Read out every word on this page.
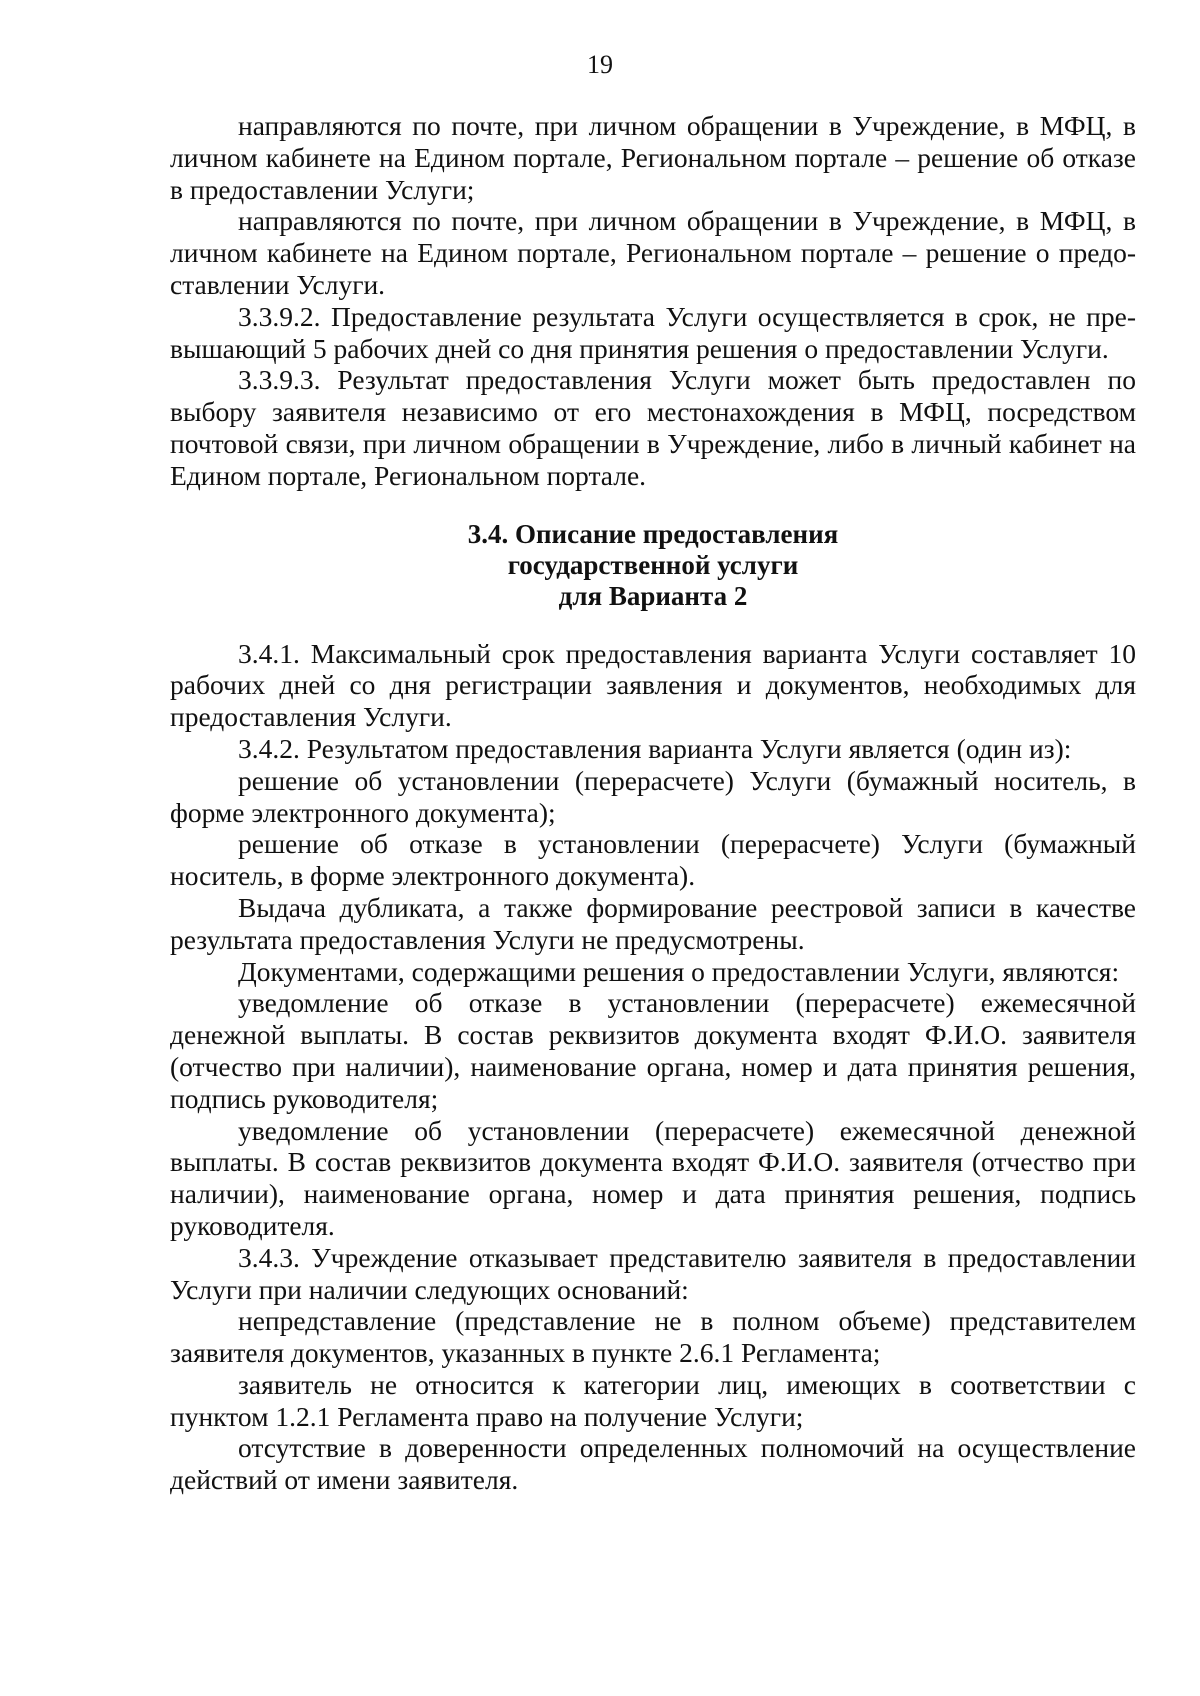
19

направляются по почте, при личном обращении в Учреждение, в МФЦ, в личном кабинете на Едином портале, Региональном портале – решение об отказе в предоставлении Услуги;

направляются по почте, при личном обращении в Учреждение, в МФЦ, в личном кабинете на Едином портале, Региональном портале – решение о предоставлении Услуги.

3.3.9.2. Предоставление результата Услуги осуществляется в срок, не превышающий 5 рабочих дней со дня принятия решения о предоставлении Услуги.

3.3.9.3. Результат предоставления Услуги может быть предоставлен по выбору заявителя независимо от его местонахождения в МФЦ, посредством почтовой связи, при личном обращении в Учреждение, либо в личный кабинет на Едином портале, Региональном портале.

3.4. Описание предоставления
государственной услуги
для Варианта 2

3.4.1. Максимальный срок предоставления варианта Услуги составляет 10 рабочих дней со дня регистрации заявления и документов, необходимых для предоставления Услуги.

3.4.2. Результатом предоставления варианта Услуги является (один из):

решение об установлении (перерасчете) Услуги (бумажный носитель, в форме электронного документа);

решение об отказе в установлении (перерасчете) Услуги (бумажный носитель, в форме электронного документа).

Выдача дубликата, а также формирование реестровой записи в качестве результата предоставления Услуги не предусмотрены.

Документами, содержащими решения о предоставлении Услуги, являются:

уведомление об отказе в установлении (перерасчете) ежемесячной денежной выплаты. В состав реквизитов документа входят Ф.И.О. заявителя (отчество при наличии), наименование органа, номер и дата принятия решения, подпись руководителя;

уведомление об установлении (перерасчете) ежемесячной денежной выплаты. В состав реквизитов документа входят Ф.И.О. заявителя (отчество при наличии), наименование органа, номер и дата принятия решения, подпись руководителя.

3.4.3. Учреждение отказывает представителю заявителя в предоставлении Услуги при наличии следующих оснований:

непредставление (представление не в полном объеме) представителем заявителя документов, указанных в пункте 2.6.1 Регламента;

заявитель не относится к категории лиц, имеющих в соответствии с пунктом 1.2.1 Регламента право на получение Услуги;

отсутствие в доверенности определенных полномочий на осуществление действий от имени заявителя.
